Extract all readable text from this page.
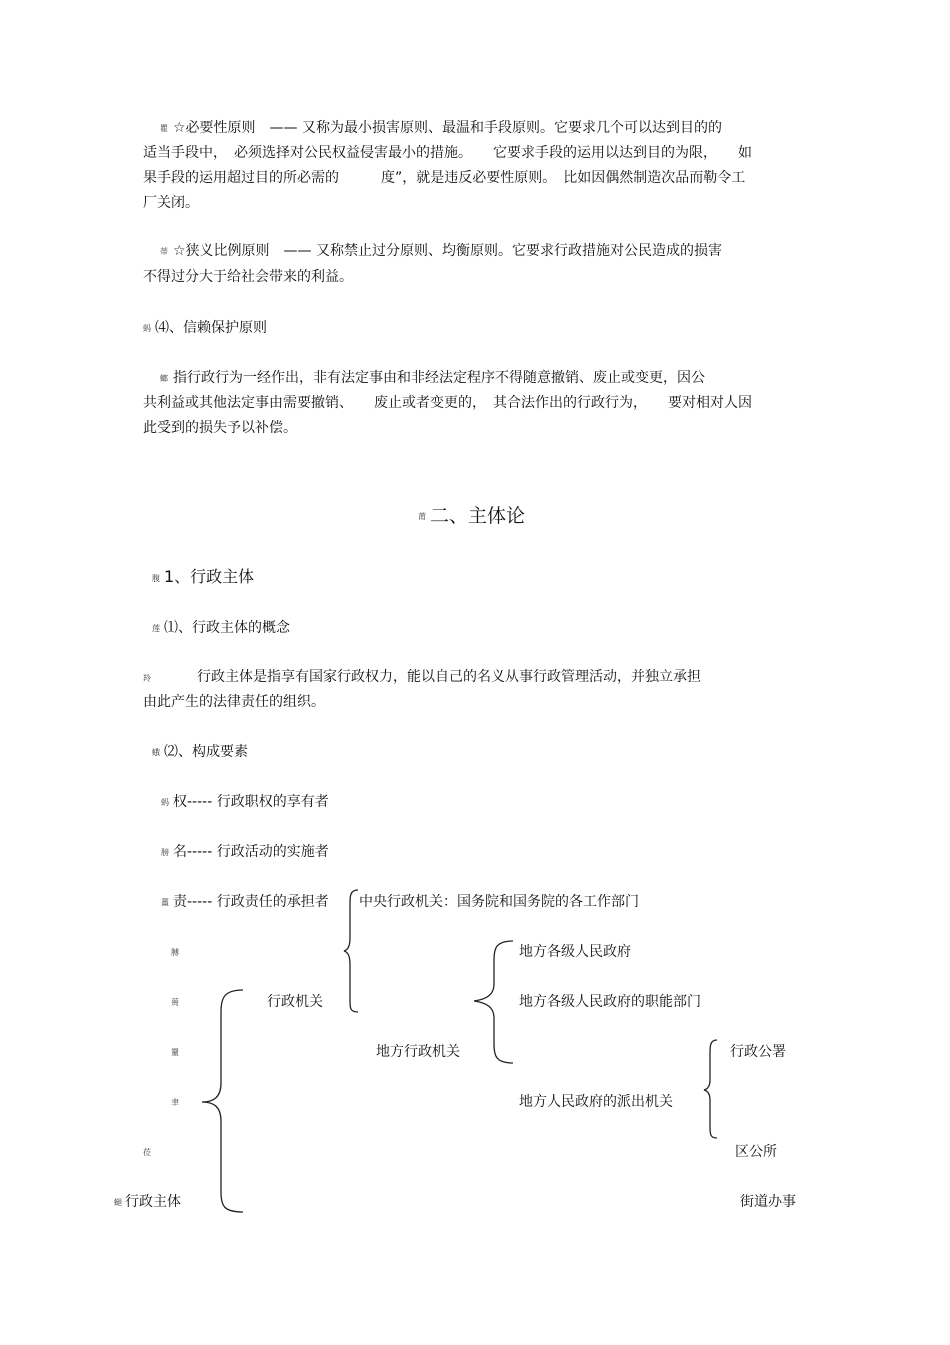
瞿 ☆必要性原则　—— 又称为最小损害原则、最温和手段原则。它要求几个可以达到目的的
适当手段中，　必须选择对公民权益侵害最小的措施。　　它要求手段的运用以达到目的为限，　　如
果手段的运用超过目的所必需的　　　度”，就是违反必要性原则。　比如因偶然制造次品而勒令工
厂关闭。
蒂 ☆狭义比例原则　—— 又称禁止过分原则、均衡原则。它要求行政措施对公民造成的损害
不得过分大于给社会带来的利益。
蚂 ⑷、信赖保护原则
螂 指行政行为一经作出，非有法定事由和非经法定程序不得随意撤销、废止或变更，因公
共利益或其他法定事由需要撤销、　　废止或者变更的，　其合法作出的行政行为，　　要对相对人因
此受到的损失予以补偿。
莆 二、主体论
腹 1、行政主体
莲 ⑴、行政主体的概念
羚	行政主体是指享有国家行政权力，能以自己的名义从事行政管理活动，并独立承担
由此产生的法律责任的组织。
蛾 ⑵、构成要素
蚂 权----- 行政职权的享有者
膀 名----- 行政活动的实施者
薑 责----- 行政责任的承担者
膊
蒉
罿
聿
莅
螁
中央行政机关：国务院和国务院的各工作部门
地方各级人民政府
地方各级人民政府的职能部门
行政机关
地方行政机关	行政公署
地方人民政府的派出机关
区公所
行政主体	街道办事
